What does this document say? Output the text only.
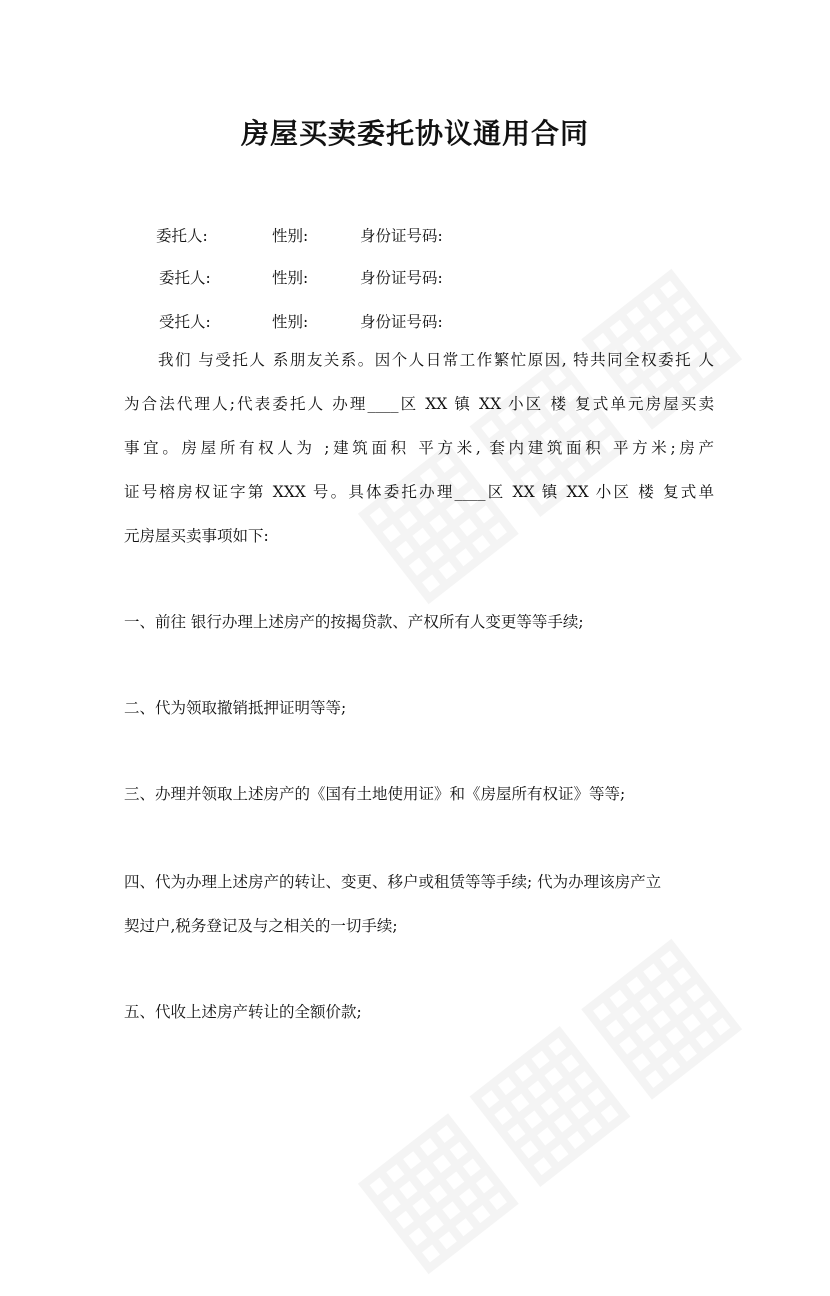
房屋买卖委托协议通用合同
委托人:	性别:	身份证号码:
委托人:	性别:	身份证号码:
受托人:	性别:	身份证号码:
我们 与受托人 系朋友关系。因个人日常工作繁忙原因, 特共同全权委托 人
为合法代理人;代表委托人 办理____区 XX 镇 XX 小区 楼 复式单元房屋买卖
事宜。房屋所有权人为 ;建筑面积 平方米, 套内建筑面积 平方米;房产
证号榕房权证字第 XXX 号。具体委托办理____区 XX 镇 XX 小区 楼 复式单
元房屋买卖事项如下:
一、前往 银行办理上述房产的按揭贷款、产权所有人变更等等手续;
二、代为领取撤销抵押证明等等;
三、办理并领取上述房产的《国有土地使用证》和《房屋所有权证》等等;
四、代为办理上述房产的转让、变更、移户或租赁等等手续; 代为办理该房产立
契过户,税务登记及与之相关的一切手续;
五、代收上述房产转让的全额价款;
